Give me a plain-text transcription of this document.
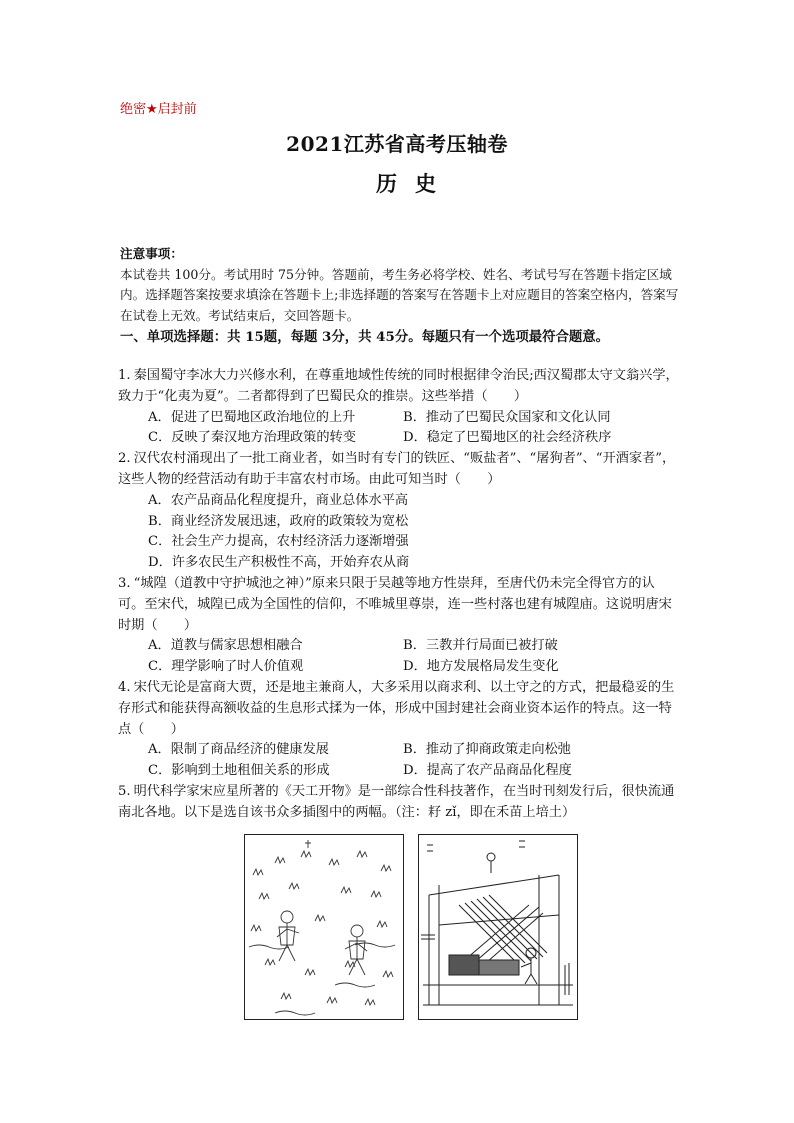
绝密★启封前
2021江苏省高考压轴卷
历史
注意事项：
本试卷共 100分。考试用时 75分钟。答题前，考生务必将学校、姓名、考试号写在答题卡指定区域内。选择题答案按要求填涂在答题卡上;非选择题的答案写在答题卡上对应题目的答案空格内，答案写在试卷上无效。考试结束后，交回答题卡。
一、单项选择题：共 15题，每题 3分，共 45分。每题只有一个选项最符合题意。
1. 秦国蜀守李冰大力兴修水利，在尊重地域性传统的同时根据律令治民;西汉蜀郡太守文翁兴学，致力于“化夷为夏”。二者都得到了巴蜀民众的推崇。这些举措（　　）
A．促进了巴蜀地区政治地位的上升	B．推动了巴蜀民众国家和文化认同
C．反映了秦汉地方治理政策的转变	D．稳定了巴蜀地区的社会经济秩序
2. 汉代农村涌现出了一批工商业者，如当时有专门的铁匠、“贩盐者”、“屠狗者”、“开酒家者”，这些人物的经营活动有助于丰富农村市场。由此可知当时（　　）
A．农产品商品化程度提升，商业总体水平高
B．商业经济发展迅速，政府的政策较为宽松
C．社会生产力提高，农村经济活力逐渐增强
D．许多农民生产积极性不高，开始弃农从商
3. “城隍（道教中守护城池之神）”原来只限于吴越等地方性崇拜，至唐代仍未完全得官方的认可。至宋代，城隍已成为全国性的信仰，不唯城里尊崇，连一些村落也建有城隍庙。这说明唐宋时期（　　）
A．道教与儒家思想相融合	B．三教并行局面已被打破
C．理学影响了时人价值观	D．地方发展格局发生变化
4. 宋代无论是富商大贾，还是地主兼商人，大多采用以商求利、以土守之的方式，把最稳妥的生存形式和能获得高额收益的生息形式揉为一体，形成中国封建社会商业资本运作的特点。这一特点（　　）
A．限制了商品经济的健康发展	B．推动了抑商政策走向松弛
C．影响到土地租佃关系的形成	D．提高了农产品商品化程度
5. 明代科学家宋应星所著的《天工开物》是一部综合性科技著作，在当时刊刻发行后，很快流通南北各地。以下是选自该书众多插图中的两幅。（注：耔 zǐ，即在禾苗上培土）
